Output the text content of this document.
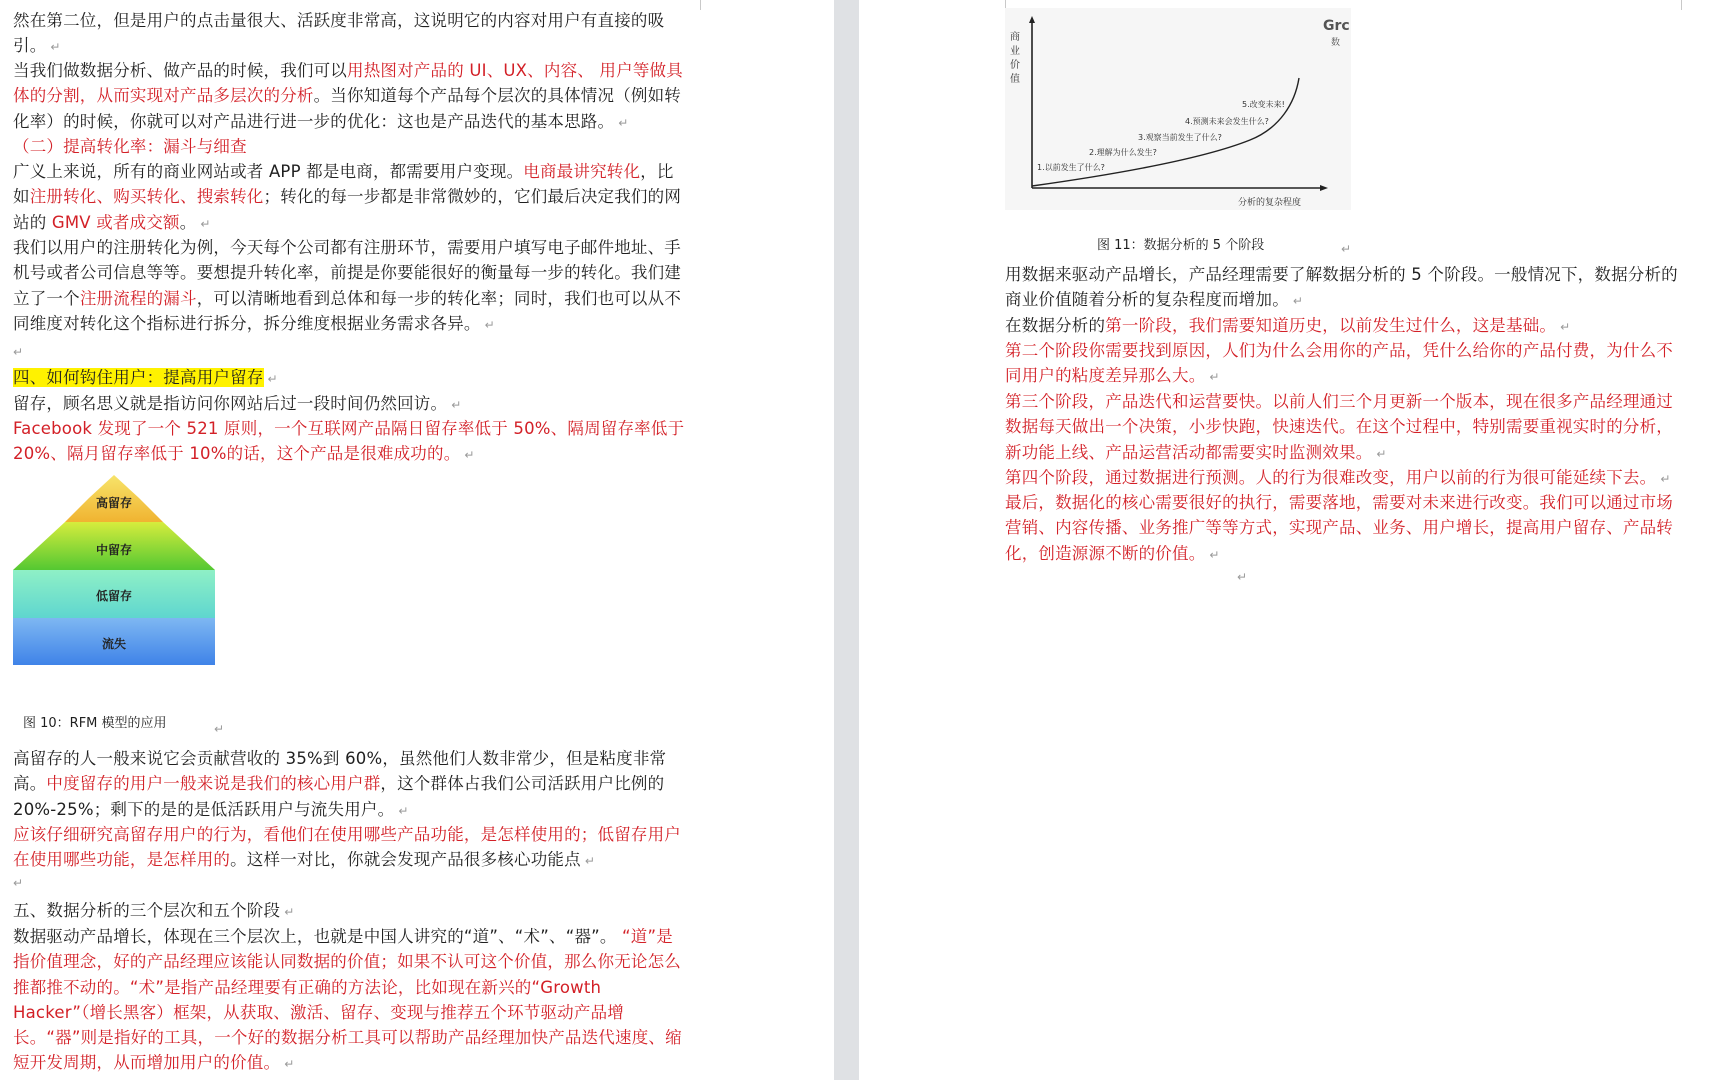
然在第二位，但是用户的点击量很大、活跃度非常高，这说明它的内容对用户有直接的吸引。 ↵

当我们做数据分析、做产品的时候，我们可以用热图对产品的 UI、UX、内容、 用户等做具体的分割，从而实现对产品多层次的分析。当你知道每个产品每个层次的具体情况（例如转化率）的时候，你就可以对产品进行进一步的优化：这也是产品迭代的基本思路。 ↵

（二）提高转化率：漏斗与细查

广义上来说，所有的商业网站或者 APP 都是电商，都需要用户变现。电商最讲究转化，比如注册转化、购买转化、搜索转化；转化的每一步都是非常微妙的，它们最后决定我们的网站的 GMV 或者成交额。 ↵

我们以用户的注册转化为例，今天每个公司都有注册环节，需要用户填写电子邮件地址、手机号或者公司信息等等。要想提升转化率，前提是你要能很好的衡量每一步的转化。我们建立了一个注册流程的漏斗，可以清晰地看到总体和每一步的转化率；同时，我们也可以从不同维度对转化这个指标进行拆分，拆分维度根据业务需求各异。 ↵

↵

四、如何钩住用户：提高用户留存 ↵

留存，顾名思义就是指访问你网站后过一段时间仍然回访。 ↵

Facebook 发现了一个 521 原则，一个互联网产品隔日留存率低于 50%、隔周留存率低于 20%、隔月留存率低于 10%的话，这个产品是很难成功的。 ↵

高留存
中留存
低留存
流失
图 10：RFM 模型的应用	↵

高留存的人一般来说它会贡献营收的 35%到 60%，虽然他们人数非常少，但是粘度非常高。中度留存的用户一般来说是我们的核心用户群，这个群体占我们公司活跃用户比例的 20%-25%；剩下的是的是低活跃用户与流失用户。 ↵

应该仔细研究高留存用户的行为，看他们在使用哪些产品功能，是怎样使用的；低留存用户在使用哪些功能，是怎样用的。这样一对比，你就会发现产品很多核心功能点 ↵

↵

五、数据分析的三个层次和五个阶段 ↵

数据驱动产品增长，体现在三个层次上，也就是中国人讲究的“道”、“术”、“器”。 “道”是指价值理念，好的产品经理应该能认同数据的价值；如果不认可这个价值，那么你无论怎么推都推不动的。“术”是指产品经理要有正确的方法论，比如现在新兴的“Growth Hacker”（增长黑客）框架，从获取、激活、留存、变现与推荐五个环节驱动产品增长。“器”则是指好的工具，一个好的数据分析工具可以帮助产品经理加快产品迭代速度、缩短开发周期，从而增加用户的价值。 ↵

商 业 价 值
分析的复杂程度
1.以前发生了什么?
2.理解为什么发生?
3.观察当前发生了什么?
4.预测未来会发生什么?
5.改变未来!
Grc
数
图 11：数据分析的 5 个阶段	↵

用数据来驱动产品增长，产品经理需要了解数据分析的 5 个阶段。一般情况下，数据分析的商业价值随着分析的复杂程度而增加。 ↵

在数据分析的第一阶段，我们需要知道历史，以前发生过什么，这是基础。 ↵

第二个阶段你需要找到原因，人们为什么会用你的产品，凭什么给你的产品付费，为什么不同用户的粘度差异那么大。 ↵

第三个阶段，产品迭代和运营要快。以前人们三个月更新一个版本，现在很多产品经理通过数据每天做出一个决策，小步快跑，快速迭代。在这个过程中，特别需要重视实时的分析，新功能上线、产品运营活动都需要实时监测效果。 ↵

第四个阶段，通过数据进行预测。人的行为很难改变，用户以前的行为很可能延续下去。 ↵

最后，数据化的核心需要很好的执行，需要落地，需要对未来进行改变。我们可以通过市场营销、内容传播、业务推广等等方式，实现产品、业务、用户增长，提高用户留存、产品转化，创造源源不断的价值。 ↵

↵
